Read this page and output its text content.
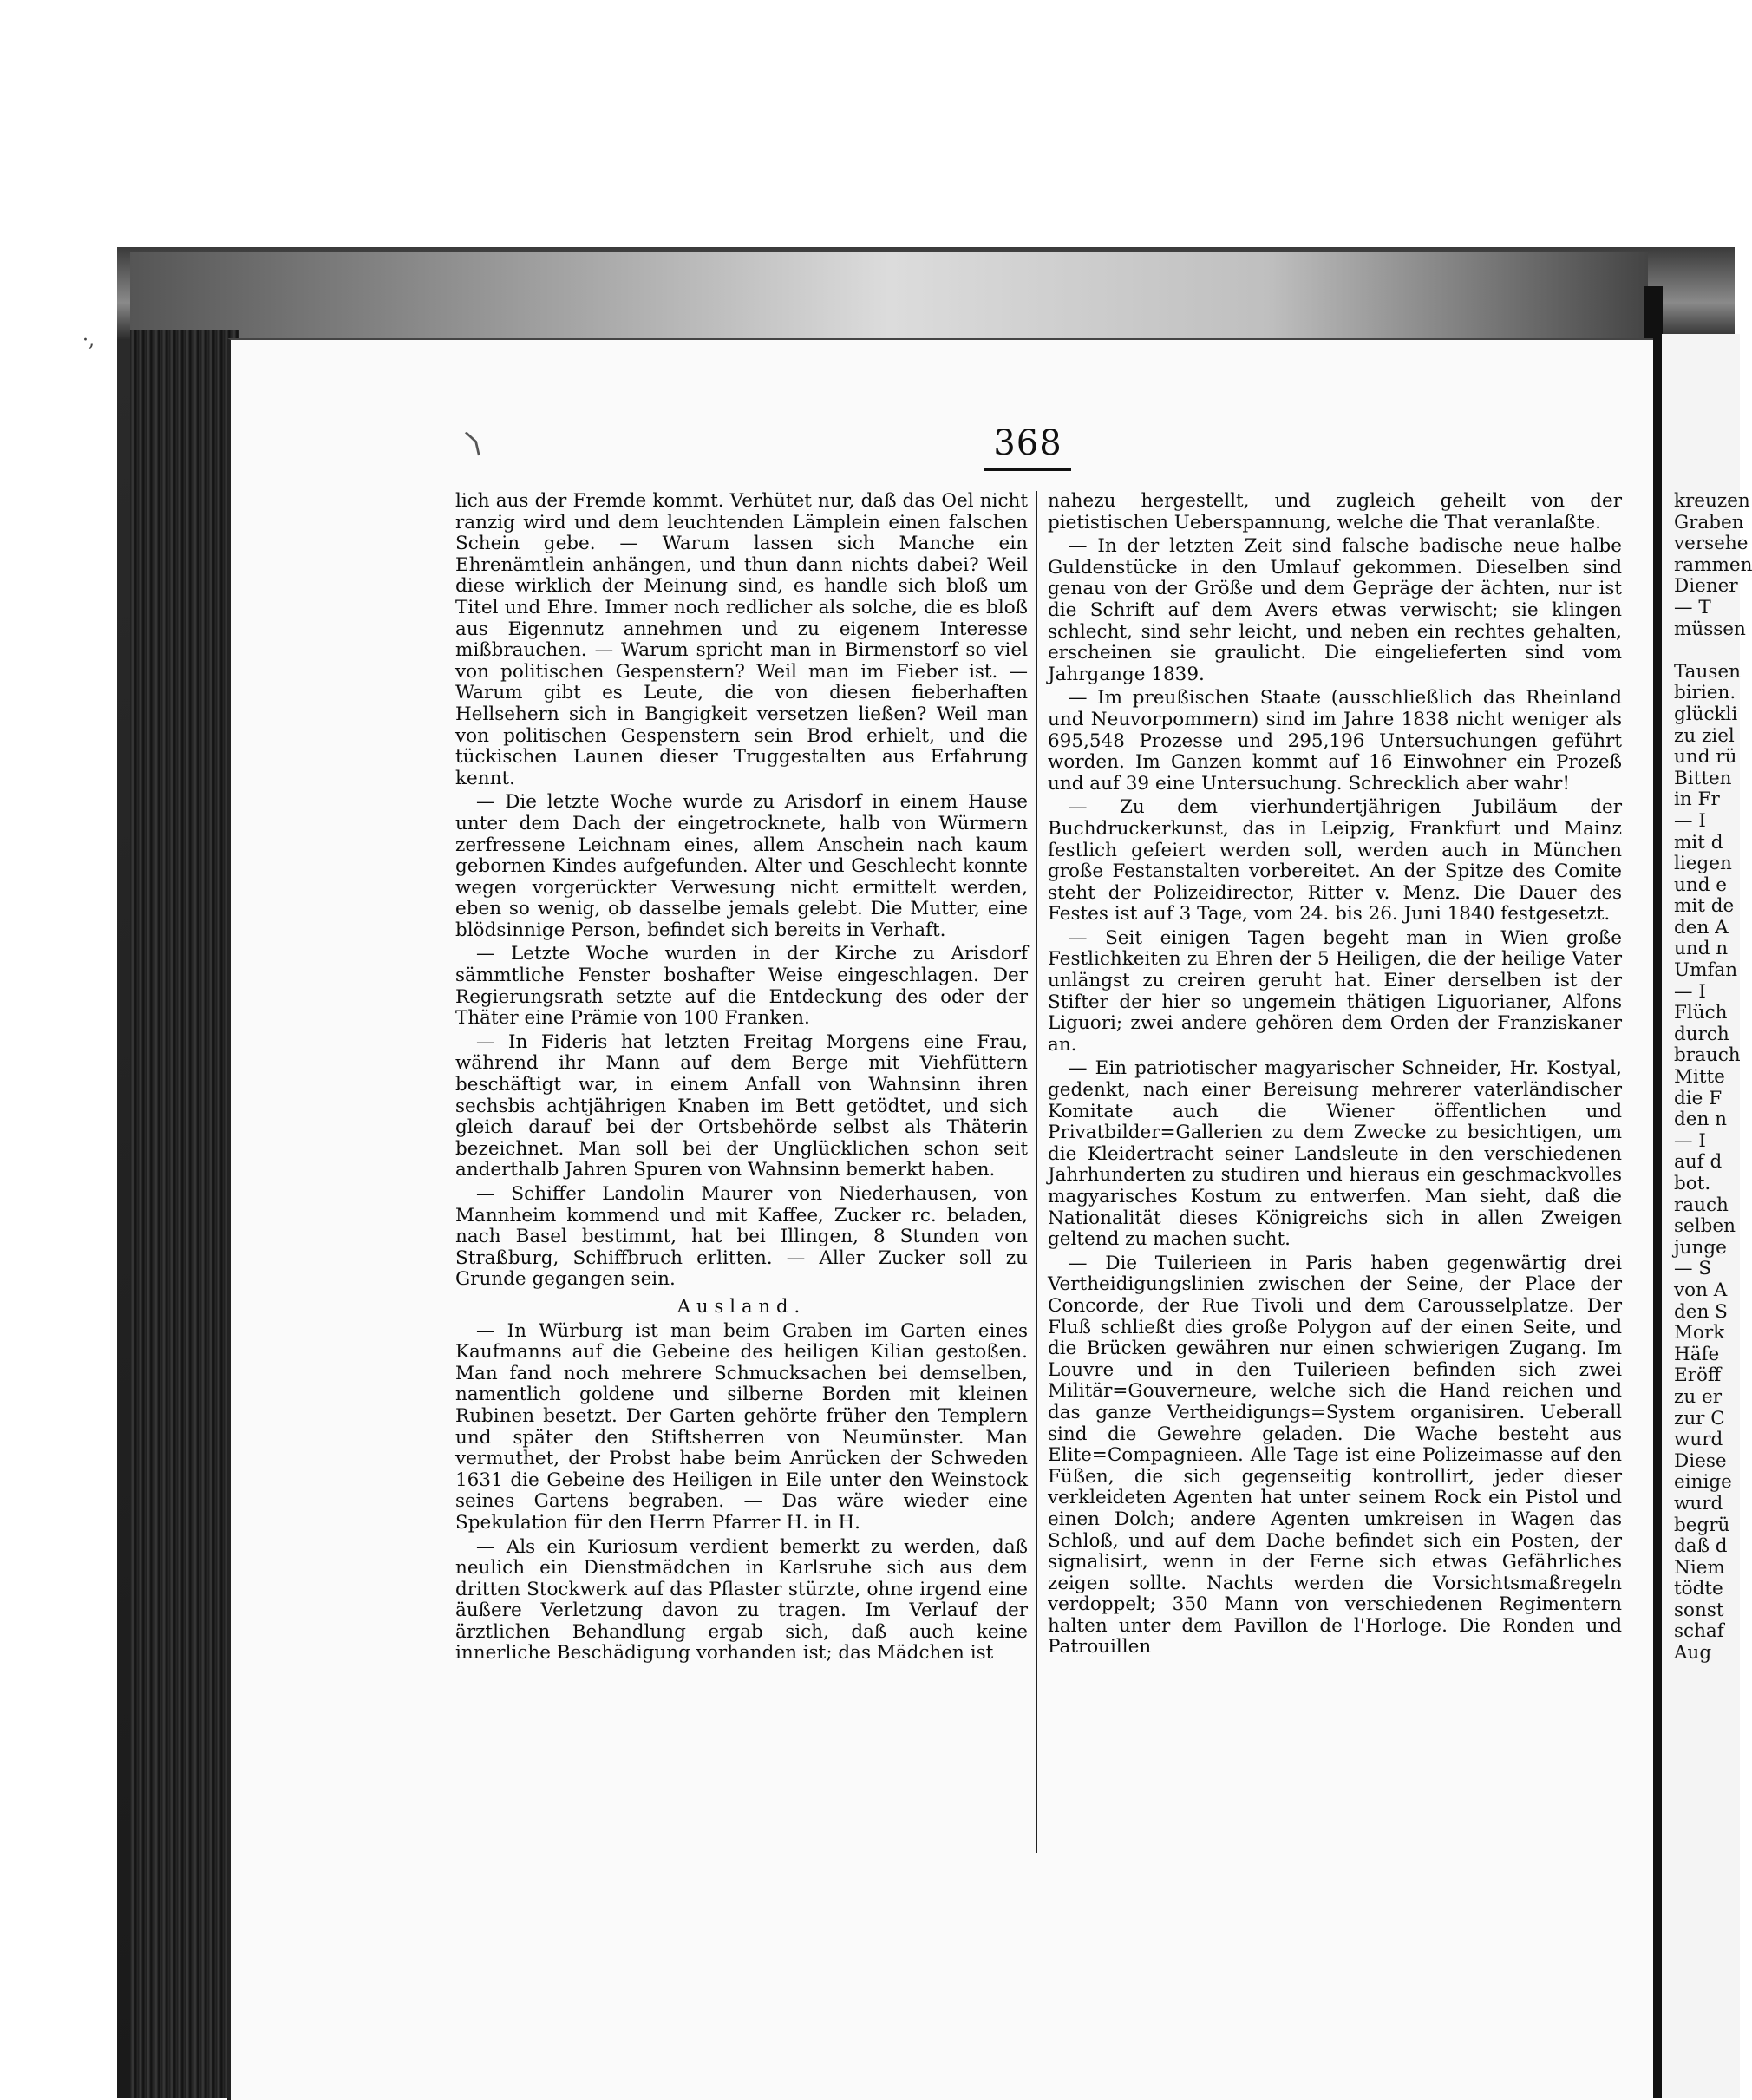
·,
⟩	368

lich aus der Fremde kommt. Verhütet nur, daß das Oel nicht ranzig wird und dem leuchtenden Lämplein einen falschen Schein gebe. — Warum lassen sich Manche ein Ehrenämtlein anhängen, und thun dann nichts dabei? Weil diese wirklich der Meinung sind, es handle sich bloß um Titel und Ehre. Immer noch redlicher als solche, die es bloß aus Eigennutz annehmen und zu eigenem Interesse mißbrauchen. — Warum spricht man in Birmenstorf so viel von politischen Gespenstern? Weil man im Fieber ist. — Warum gibt es Leute, die von diesen fieberhaften Hellsehern sich in Bangigkeit versetzen ließen? Weil man von politischen Gespenstern sein Brod erhielt, und die tückischen Launen dieser Truggestalten aus Erfahrung kennt.

— Die letzte Woche wurde zu Arisdorf in einem Hause unter dem Dach der eingetrocknete, halb von Würmern zerfressene Leichnam eines, allem Anschein nach kaum gebornen Kindes aufgefunden. Alter und Geschlecht konnte wegen vorgerückter Verwesung nicht ermittelt werden, eben so wenig, ob dasselbe jemals gelebt. Die Mutter, eine blödsinnige Person, befindet sich bereits in Verhaft.

— Letzte Woche wurden in der Kirche zu Arisdorf sämmtliche Fenster boshafter Weise eingeschlagen. Der Regierungsrath setzte auf die Entdeckung des oder der Thäter eine Prämie von 100 Franken.

— In Fideris hat letzten Freitag Morgens eine Frau, während ihr Mann auf dem Berge mit Viehfüttern beschäftigt war, in einem Anfall von Wahnsinn ihren sechsbis achtjährigen Knaben im Bett getödtet, und sich gleich darauf bei der Ortsbehörde selbst als Thäterin bezeichnet. Man soll bei der Unglücklichen schon seit anderthalb Jahren Spuren von Wahnsinn bemerkt haben.

— Schiffer Landolin Maurer von Niederhausen, von Mannheim kommend und mit Kaffee, Zucker rc. beladen, nach Basel bestimmt, hat bei Illingen, 8 Stunden von Straßburg, Schiffbruch erlitten. — Aller Zucker soll zu Grunde gegangen sein.

Ausland.

— In Würburg ist man beim Graben im Garten eines Kaufmanns auf die Gebeine des heiligen Kilian gestoßen. Man fand noch mehrere Schmucksachen bei demselben, namentlich goldene und silberne Borden mit kleinen Rubinen besetzt. Der Garten gehörte früher den Templern und später den Stiftsherren von Neumünster. Man vermuthet, der Probst habe beim Anrücken der Schweden 1631 die Gebeine des Heiligen in Eile unter den Weinstock seines Gartens begraben. — Das wäre wieder eine Spekulation für den Herrn Pfarrer H. in H.

— Als ein Kuriosum verdient bemerkt zu werden, daß neulich ein Dienstmädchen in Karlsruhe sich aus dem dritten Stockwerk auf das Pflaster stürzte, ohne irgend eine äußere Verletzung davon zu tragen. Im Verlauf der ärztlichen Behandlung ergab sich, daß auch keine innerliche Beschädigung vorhanden ist; das Mädchen ist

nahezu hergestellt, und zugleich geheilt von der pietistischen Ueberspannung, welche die That veranlaßte.

— In der letzten Zeit sind falsche badische neue halbe Guldenstücke in den Umlauf gekommen. Dieselben sind genau von der Größe und dem Gepräge der ächten, nur ist die Schrift auf dem Avers etwas verwischt; sie klingen schlecht, sind sehr leicht, und neben ein rechtes gehalten, erscheinen sie graulicht. Die eingelieferten sind vom Jahrgange 1839.

— Im preußischen Staate (ausschließlich das Rheinland und Neuvorpommern) sind im Jahre 1838 nicht weniger als 695,548 Prozesse und 295,196 Untersuchungen geführt worden. Im Ganzen kommt auf 16 Einwohner ein Prozeß und auf 39 eine Untersuchung. Schrecklich aber wahr!

— Zu dem vierhundertjährigen Jubiläum der Buchdruckerkunst, das in Leipzig, Frankfurt und Mainz festlich gefeiert werden soll, werden auch in München große Festanstalten vorbereitet. An der Spitze des Comite steht der Polizeidirector, Ritter v. Menz. Die Dauer des Festes ist auf 3 Tage, vom 24. bis 26. Juni 1840 festgesetzt.

— Seit einigen Tagen begeht man in Wien große Festlichkeiten zu Ehren der 5 Heiligen, die der heilige Vater unlängst zu creiren geruht hat. Einer derselben ist der Stifter der hier so ungemein thätigen Liguorianer, Alfons Liguori; zwei andere gehören dem Orden der Franziskaner an.

— Ein patriotischer magyarischer Schneider, Hr. Kostyal, gedenkt, nach einer Bereisung mehrerer vaterländischer Komitate auch die Wiener öffentlichen und Privatbilder=Gallerien zu dem Zwecke zu besichtigen, um die Kleidertracht seiner Landsleute in den verschiedenen Jahrhunderten zu studiren und hieraus ein geschmackvolles magyarisches Kostum zu entwerfen. Man sieht, daß die Nationalität dieses Königreichs sich in allen Zweigen geltend zu machen sucht.

— Die Tuilerieen in Paris haben gegenwärtig drei Vertheidigungslinien zwischen der Seine, der Place der Concorde, der Rue Tivoli und dem Carousselplatze. Der Fluß schließt dies große Polygon auf der einen Seite, und die Brücken gewähren nur einen schwierigen Zugang. Im Louvre und in den Tuilerieen befinden sich zwei Militär=Gouverneure, welche sich die Hand reichen und das ganze Vertheidigungs=System organisiren. Ueberall sind die Gewehre geladen. Die Wache besteht aus Elite=Compagnieen. Alle Tage ist eine Polizeimasse auf den Füßen, die sich gegenseitig kontrollirt, jeder dieser verkleideten Agenten hat unter seinem Rock ein Pistol und einen Dolch; andere Agenten umkreisen in Wagen das Schloß, und auf dem Dache befindet sich ein Posten, der signalisirt, wenn in der Ferne sich etwas Gefährliches zeigen sollte. Nachts werden die Vorsichtsmaßregeln verdoppelt; 350 Mann von verschiedenen Regimentern halten unter dem Pavillon de l'Horloge. Die Ronden und Patrouillen

kreuzen
Graben
versehe
rammen
Diener
— T
müssen

Tausen
birien.
glückli
zu ziel
und rü
Bitten
in Fr
— I
mit d
liegen
und e
mit de
den A
und n
Umfan
— I
Flüch
durch
brauch
Mitte
die F
den n
— I
auf d
bot.
rauch
selben
junge
— S
von A
den S
Mork
Häfe
Eröff
zu er
zur C
wurd
Diese
einige
wurd
begrü
daß d
Niem
tödte
sonst
schaf
Aug
